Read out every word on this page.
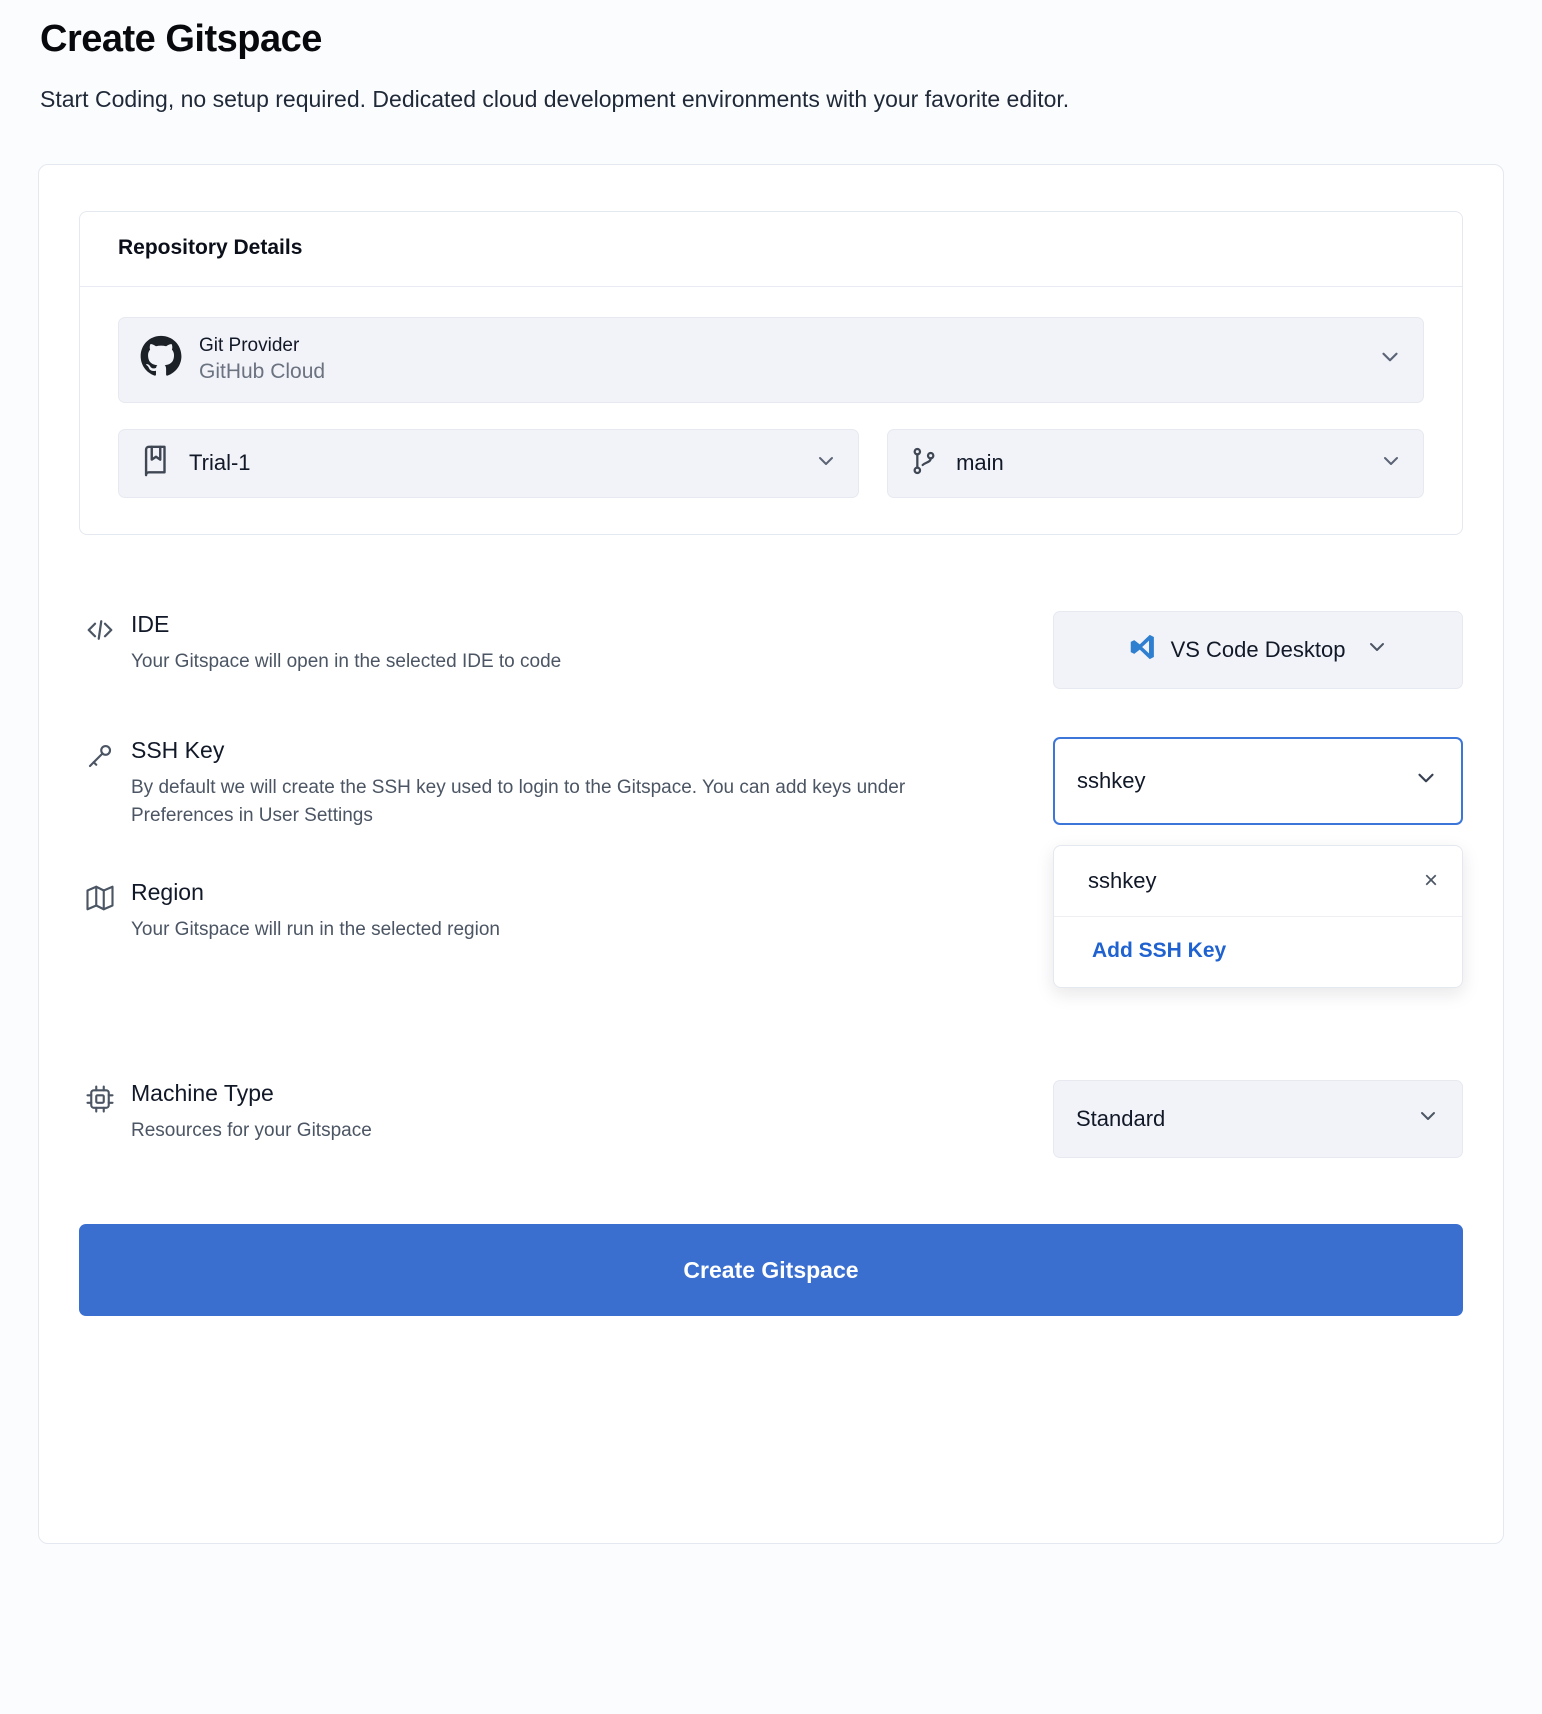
Create Gitspace

Start Coding, no setup required. Dedicated cloud development environments with your favorite editor.

Repository Details
Git Provider
GitHub Cloud
Trial-1	main
IDE
Your Gitspace will open in the selected IDE to code	VS Code Desktop
SSH Key
By default we will create the SSH key used to login to the Gitspace. You can add keys under Preferences in User Settings
sshkey
sshkey	×
Add SSH Key
Region
Your Gitspace will run in the selected region
Machine Type
Resources for your Gitspace	Standard
Create Gitspace
